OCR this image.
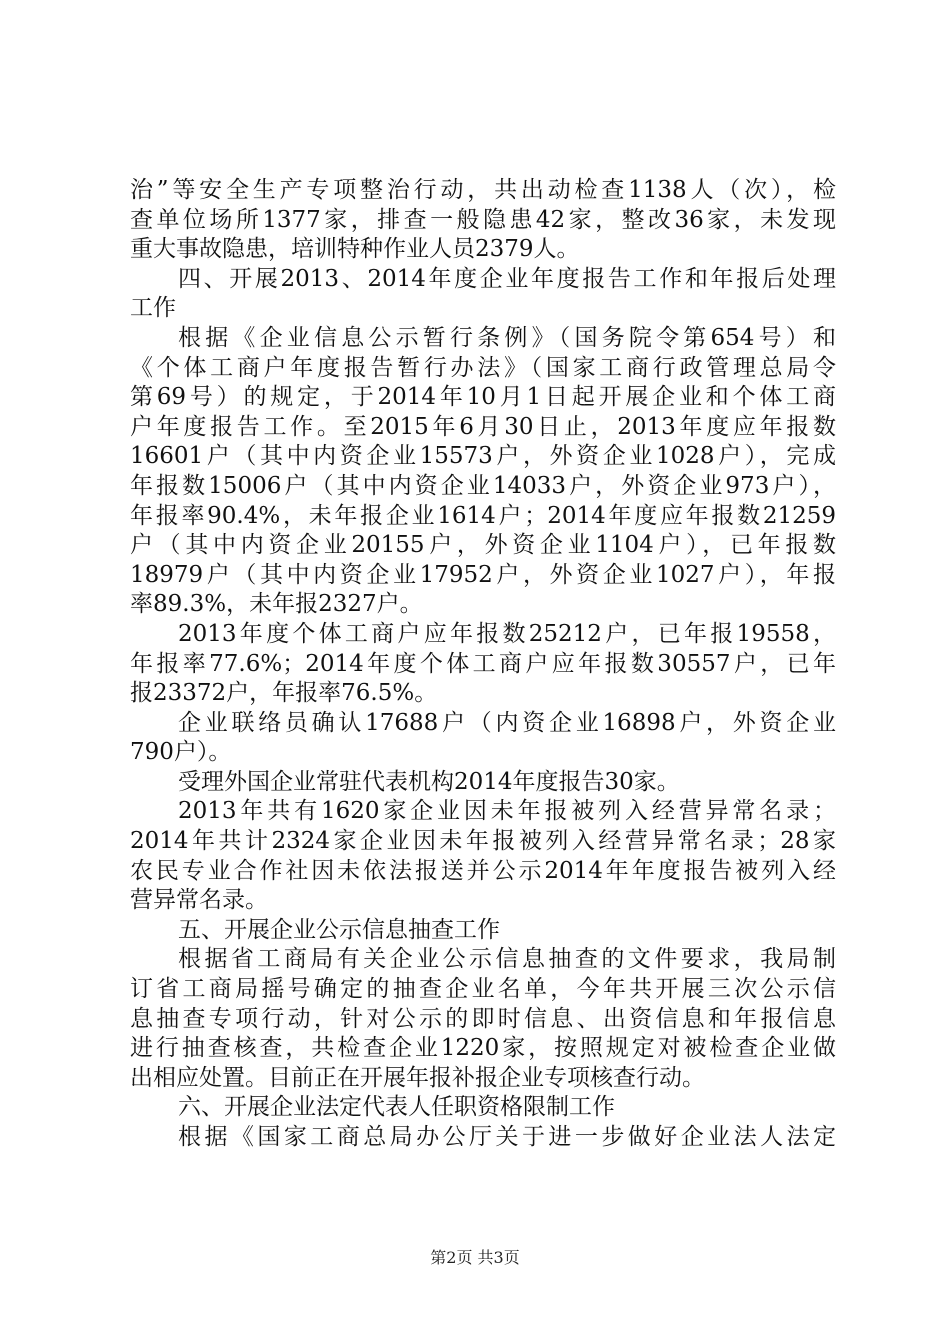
治”等安全生产专项整治行动，共出动检查1138人（次），检
查单位场所1377家，排查一般隐患42家，整改36家，未发现
重大事故隐患，培训特种作业人员2379人。
四、开展2013、2014年度企业年度报告工作和年报后处理
工作
根据《企业信息公示暂行条例》（国务院令第654号）和
《个体工商户年度报告暂行办法》（国家工商行政管理总局令
第69号）的规定，于2014年10月1日起开展企业和个体工商
户年度报告工作。至2015年6月30日止，2013年度应年报数
16601户（其中内资企业15573户，外资企业1028户），完成
年报数15006户（其中内资企业14033户，外资企业973户），
年报率90.4%，未年报企业1614户；2014年度应年报数21259
户（其中内资企业20155户，外资企业1104户），已年报数
18979户（其中内资企业17952户，外资企业1027户），年报
率89.3%，未年报2327户。
2013年度个体工商户应年报数25212户，已年报19558，
年报率77.6%；2014年度个体工商户应年报数30557户，已年
报23372户，年报率76.5%。
企业联络员确认17688户（内资企业16898户，外资企业
790户）。
受理外国企业常驻代表机构2014年度报告30家。
2013年共有1620家企业因未年报被列入经营异常名录；
2014年共计2324家企业因未年报被列入经营异常名录；28家
农民专业合作社因未依法报送并公示2014年年度报告被列入经
营异常名录。
五、开展企业公示信息抽查工作
根据省工商局有关企业公示信息抽查的文件要求，我局制
订省工商局摇号确定的抽查企业名单，今年共开展三次公示信
息抽查专项行动，针对公示的即时信息、出资信息和年报信息
进行抽查核查，共检查企业1220家，按照规定对被检查企业做
出相应处置。目前正在开展年报补报企业专项核查行动。
六、开展企业法定代表人任职资格限制工作
根据《国家工商总局办公厅关于进一步做好企业法人法定
第2页 共3页
